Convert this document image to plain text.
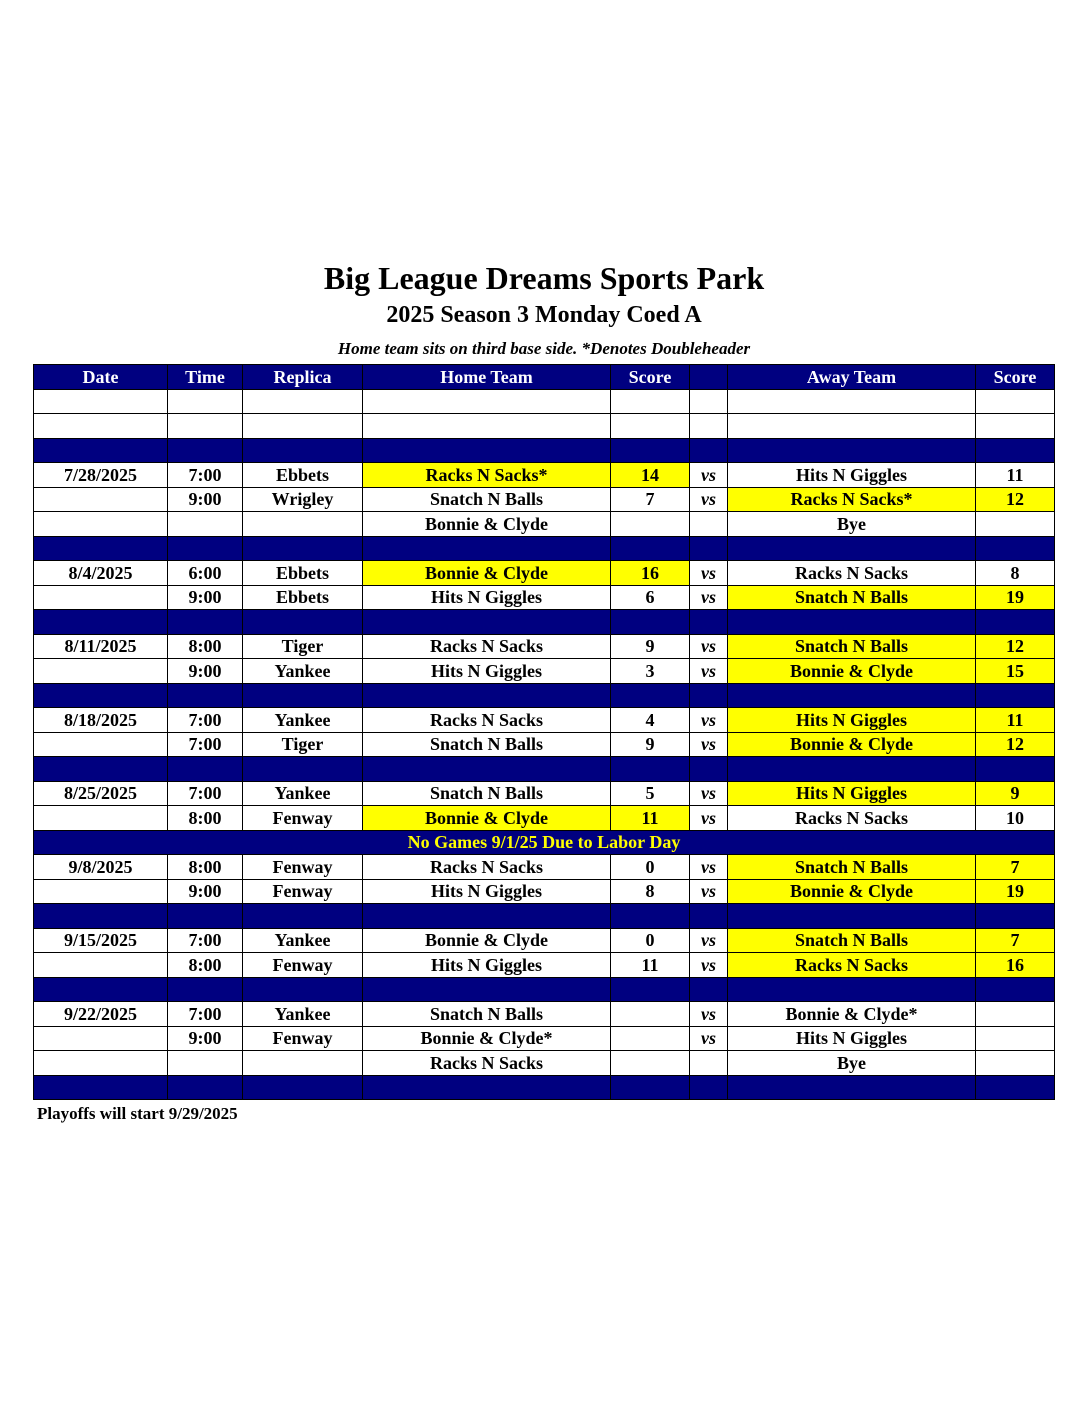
Big League Dreams Sports Park
2025 Season 3 Monday Coed A
Home team sits on third base side. *Denotes Doubleheader
Date	Time	Replica	Home Team	Score		Away Team	Score

7/28/2025	7:00	Ebbets	Racks N Sacks*	14	vs	Hits N Giggles	11
	9:00	Wrigley	Snatch N Balls	7	vs	Racks N Sacks*	12
			Bonnie & Clyde			Bye	

8/4/2025	6:00	Ebbets	Bonnie & Clyde	16	vs	Racks N Sacks	8
	9:00	Ebbets	Hits N Giggles	6	vs	Snatch N Balls	19

8/11/2025	8:00	Tiger	Racks N Sacks	9	vs	Snatch N Balls	12
	9:00	Yankee	Hits N Giggles	3	vs	Bonnie & Clyde	15

8/18/2025	7:00	Yankee	Racks N Sacks	4	vs	Hits N Giggles	11
	7:00	Tiger	Snatch N Balls	9	vs	Bonnie & Clyde	12

8/25/2025	7:00	Yankee	Snatch N Balls	5	vs	Hits N Giggles	9
	8:00	Fenway	Bonnie & Clyde	11	vs	Racks N Sacks	10
No Games 9/1/25 Due to Labor Day							
9/8/2025	8:00	Fenway	Racks N Sacks	0	vs	Snatch N Balls	7
	9:00	Fenway	Hits N Giggles	8	vs	Bonnie & Clyde	19

9/15/2025	7:00	Yankee	Bonnie & Clyde	0	vs	Snatch N Balls	7
	8:00	Fenway	Hits N Giggles	11	vs	Racks N Sacks	16

9/22/2025	7:00	Yankee	Snatch N Balls		vs	Bonnie & Clyde*	
	9:00	Fenway	Bonnie & Clyde*		vs	Hits N Giggles	
			Racks N Sacks			Bye	

Playoffs will start 9/29/2025
